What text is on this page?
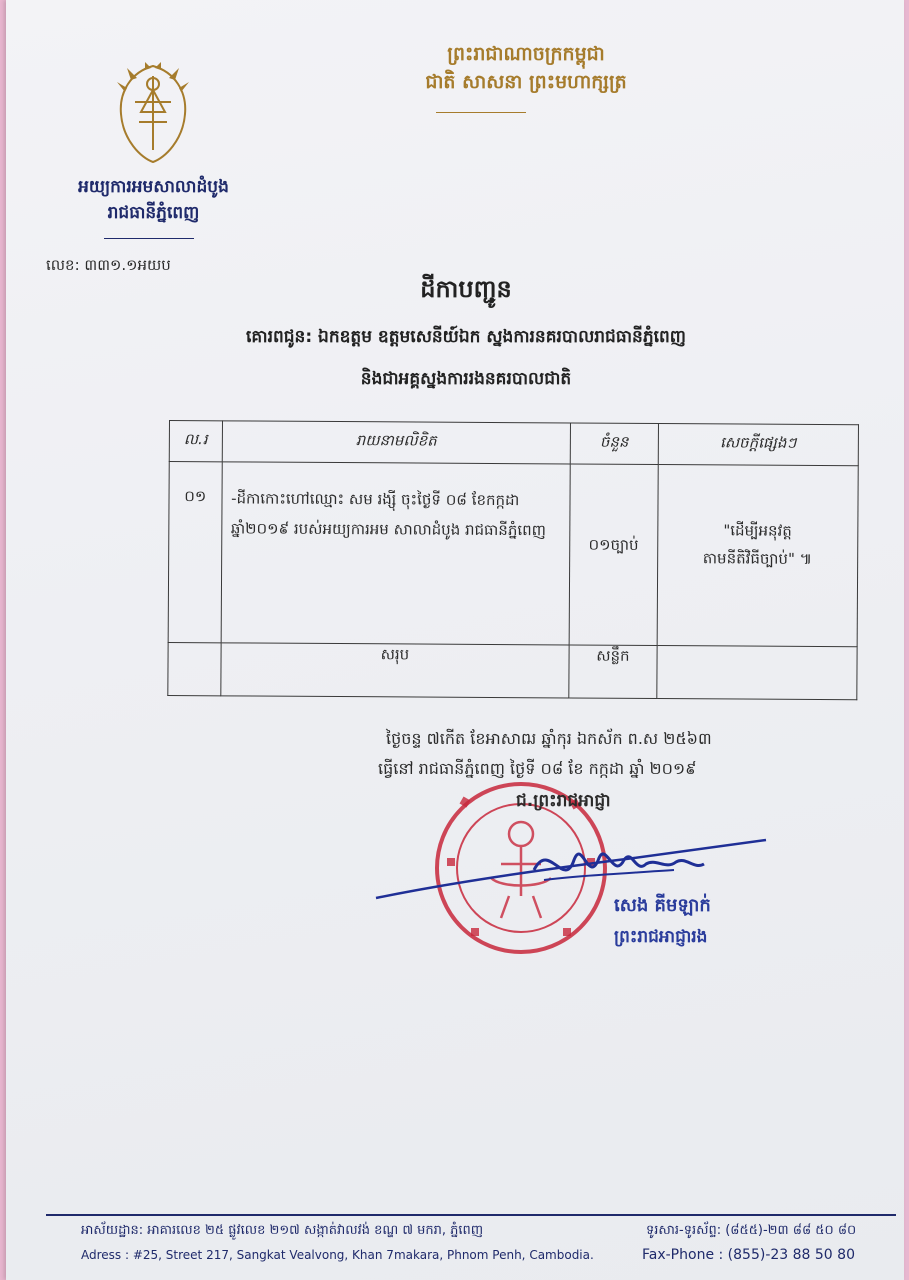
ព្រះរាជាណាចក្រកម្ពុជា
ជាតិ សាសនា ព្រះមហាក្សត្រ
អយ្យការអមសាលាដំបូង
រាជធានីភ្នំពេញ
លេខ: ៣៣១.១អយប
ដីកាបញ្ជូន
គោរពជូន: ឯកឧត្តម ឧត្តមសេនីយ៍ឯក ស្នងការនគរបាលរាជធានីភ្នំពេញ
និងជាអគ្គស្នងការរងនគរបាលជាតិ
ល.រ	រាយនាមលិខិត	ចំនួន	សេចក្តីផ្សេងៗ

០១	-ដីកាកោះហៅឈ្មោះ សម រង្ស៊ី ចុះថ្ងៃទី ០៨ ខែកក្កដា ឆ្នាំ២០១៩ របស់អយ្យការអម សាលាដំបូង រាជធានីភ្នំពេញ	០១ច្បាប់	"ដើម្បីអនុវត្ត
តាមនីតិវិធីច្បាប់" ៕

	សរុប	សន្លឹក	
ថ្ងៃចន្ទ ៧កើត ខែអាសាឍ ឆ្នាំកុរ ឯកស័ក ព.ស ២៥៦៣
ធ្វើនៅ រាជធានីភ្នំពេញ ថ្ងៃទី ០៨ ខែ កក្កដា ឆ្នាំ ២០១៩
ជ.ព្រះរាជអាជ្ញា
សេង គីមឡាក់
ព្រះរាជអាជ្ញារង
អាស័យដ្ឋាន: អាគារលេខ ២៥ ផ្លូវលេខ ២១៧ សង្កាត់វាលវង់ ខណ្ឌ ៧ មករា, ភ្នំពេញ
Adress : #25, Street 217, Sangkat Vealvong, Khan 7makara, Phnom Penh, Cambodia.
ទូរសារ-ទូរស័ព្ទ: (៨៥៥)-២៣ ៨៨ ៥០ ៨០
Fax-Phone : (855)-23 88 50 80
